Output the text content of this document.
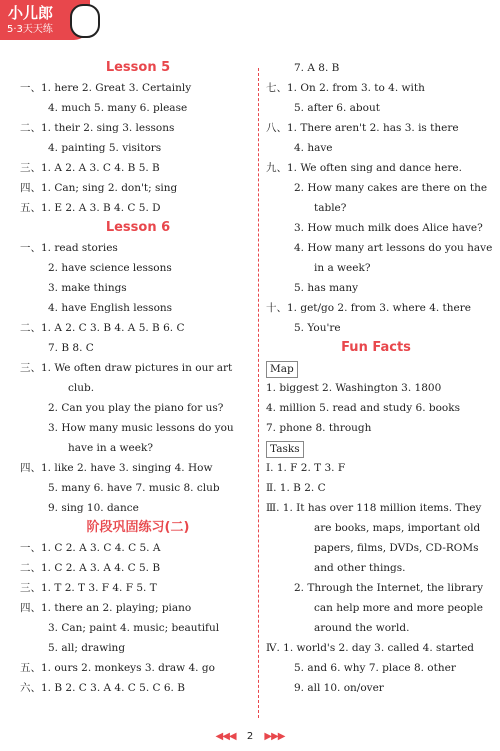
小儿郎
5·3天天练
Lesson 5
一、1. here 2. Great 3. Certainly
4. much 5. many 6. please
二、1. their 2. sing 3. lessons
4. painting 5. visitors
三、1. A 2. A 3. C 4. B 5. B
四、1. Can; sing 2. don't; sing
五、1. E 2. A 3. B 4. C 5. D
Lesson 6
一、1. read stories
2. have science lessons
3. make things
4. have English lessons
二、1. A 2. C 3. B 4. A 5. B 6. C
7. B 8. C
三、1. We often draw pictures in our art
club.
2. Can you play the piano for us?
3. How many music lessons do you
have in a week?
四、1. like 2. have 3. singing 4. How
5. many 6. have 7. music 8. club
9. sing 10. dance
阶段巩固练习(二)
一、1. C 2. A 3. C 4. C 5. A
二、1. C 2. A 3. A 4. C 5. B
三、1. T 2. T 3. F 4. F 5. T
四、1. there an 2. playing; piano
3. Can; paint 4. music; beautiful
5. all; drawing
五、1. ours 2. monkeys 3. draw 4. go
六、1. B 2. C 3. A 4. C 5. C 6. B
7. A 8. B
七、1. On 2. from 3. to 4. with
5. after 6. about
八、1. There aren't 2. has 3. is there
4. have
九、1. We often sing and dance here.
2. How many cakes are there on the
table?
3. How much milk does Alice have?
4. How many art lessons do you have
in a week?
5. has many
十、1. get/go 2. from 3. where 4. there
5. You're
Fun Facts
Map
1. biggest 2. Washington 3. 1800
4. million 5. read and study 6. books
7. phone 8. through
Tasks
Ⅰ. 1. F 2. T 3. F
Ⅱ. 1. B 2. C
Ⅲ. 1. It has over 118 million items. They
are books, maps, important old
papers, films, DVDs, CD-ROMs
and other things.
2. Through the Internet, the library
can help more and more people
around the world.
Ⅳ. 1. world's 2. day 3. called 4. started
5. and 6. why 7. place 8. other
9. all 10. on/over
◀◀◀ 2 ▶▶▶
